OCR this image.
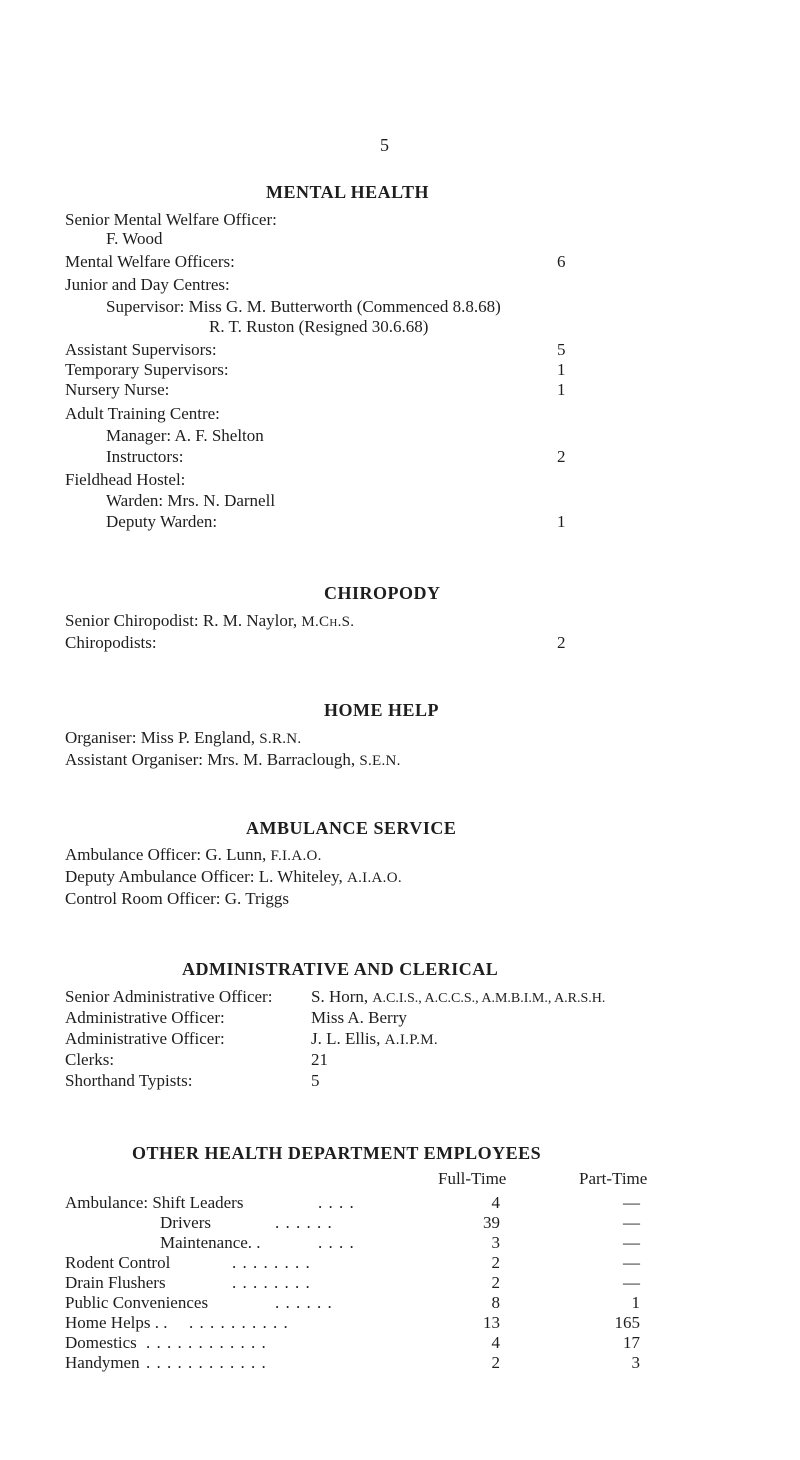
5
MENTAL HEALTH
Senior Mental Welfare Officer:
F. Wood
Mental Welfare Officers:	6
Junior and Day Centres:
Supervisor: Miss G. M. Butterworth (Commenced 8.8.68)
R. T. Ruston (Resigned 30.6.68)
Assistant Supervisors:	5
Temporary Supervisors:	1
Nursery Nurse:	1
Adult Training Centre:
Manager: A. F. Shelton
Instructors:	2
Fieldhead Hostel:
Warden: Mrs. N. Darnell
Deputy Warden:	1
CHIROPODY
Senior Chiropodist: R. M. Naylor, M.Ch.S.
Chiropodists:	2
HOME HELP
Organiser: Miss P. England, S.R.N.
Assistant Organiser: Mrs. M. Barraclough, S.E.N.
AMBULANCE SERVICE
Ambulance Officer: G. Lunn, F.I.A.O.
Deputy Ambulance Officer: L. Whiteley, A.I.A.O.
Control Room Officer: G. Triggs
ADMINISTRATIVE AND CLERICAL
Senior Administrative Officer: S. Horn, A.C.I.S., A.C.C.S., A.M.B.I.M., A.R.S.H.
Administrative Officer:	Miss A. Berry
Administrative Officer:	J. L. Ellis, A.I.P.M.
Clerks:	21
Shorthand Typists:	5
OTHER HEALTH DEPARTMENT EMPLOYEES
Full-Time	Part-Time
Ambulance: Shift Leaders	. . . .	4	—
Drivers	. . . . . .	39	—
Maintenance. .	. . . .	3	—
Rodent Control	. . . . . . . .	2	—
Drain Flushers	. . . . . . . .	2	—
Public Conveniences	. . . . . .	8	1
Home Helps . . . . . . . . . . . .	13	165
Domestics . . . . . . . . . . . .	4	17
Handymen . . . . . . . . . . . .	2	3
